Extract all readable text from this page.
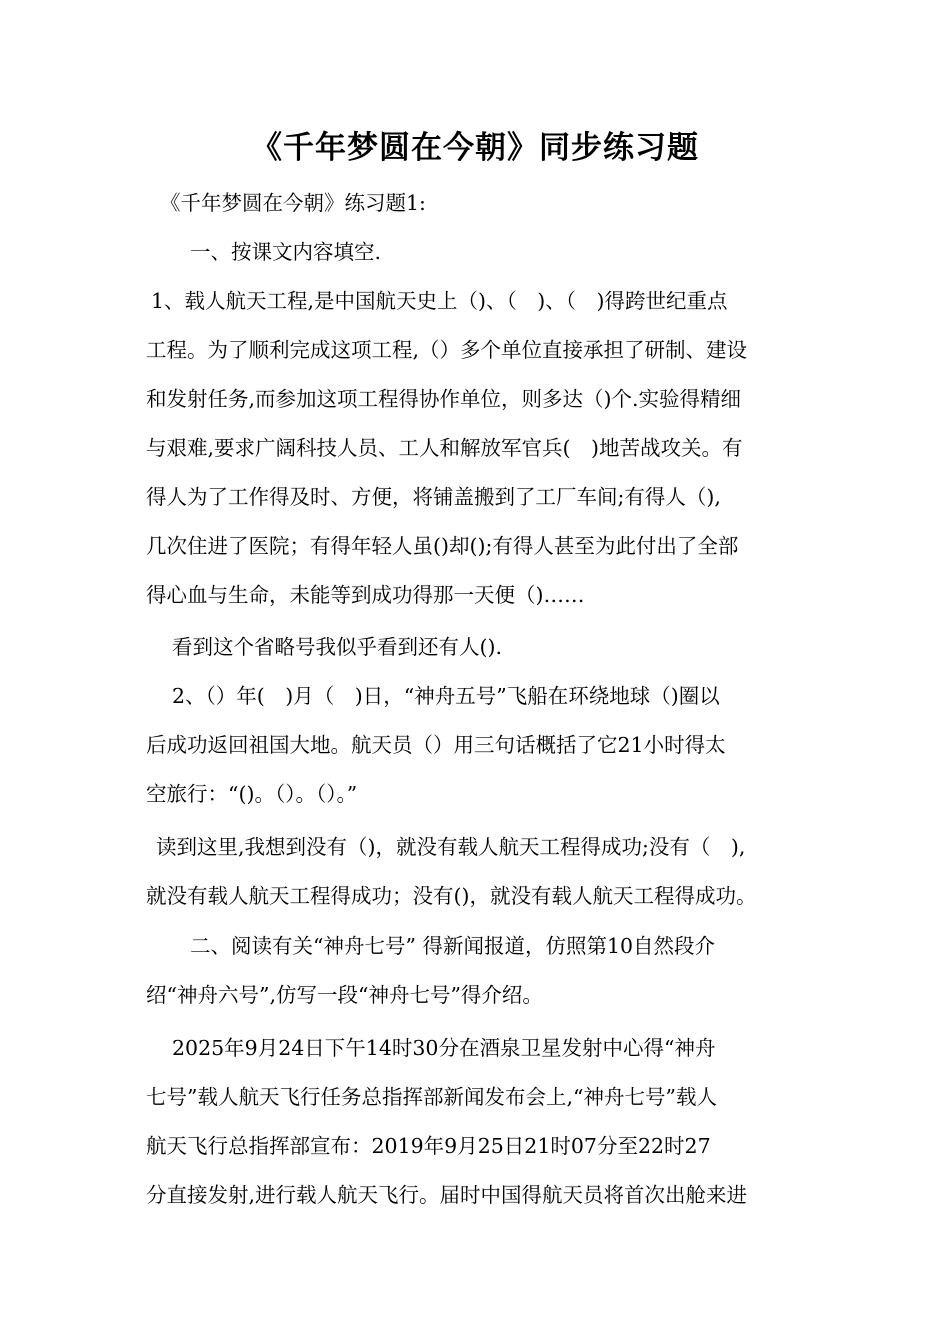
《千年梦圆在今朝》同步练习题
《千年梦圆在今朝》练习题1:
一、按课文内容填空.
1、载人航天工程,是中国航天史上（)、（　)、（　)得跨世纪重点
工程。为了顺利完成这项工程,（）多个单位直接承担了研制、建设
和发射任务,而参加这项工程得协作单位，则多达（)个.实验得精细
与艰难,要求广阔科技人员、工人和解放军官兵(　)地苦战攻关。有
得人为了工作得及时、方便，将铺盖搬到了工厂车间;有得人（),
几次住进了医院；有得年轻人虽()却();有得人甚至为此付出了全部
得心血与生命，未能等到成功得那一天便（)……
看到这个省略号我似乎看到还有人().
2、（）年(　)月（　)日，“神舟五号”飞船在环绕地球（)圈以
后成功返回祖国大地。航天员（）用三句话概括了它21小时得太
空旅行：“()。（）。（）。”
读到这里,我想到没有（)，就没有载人航天工程得成功;没有（　),
就没有载人航天工程得成功；没有()，就没有载人航天工程得成功。
二、阅读有关“神舟七号” 得新闻报道，仿照第10自然段介
绍“神舟六号”,仿写一段“神舟七号”得介绍。
2025年9月24日下午14时30分在酒泉卫星发射中心得“神舟
七号”载人航天飞行任务总指挥部新闻发布会上,“神舟七号”载人
航天飞行总指挥部宣布：2019年9月25日21时07分至22时27
分直接发射,进行载人航天飞行。届时中国得航天员将首次出舱来进
